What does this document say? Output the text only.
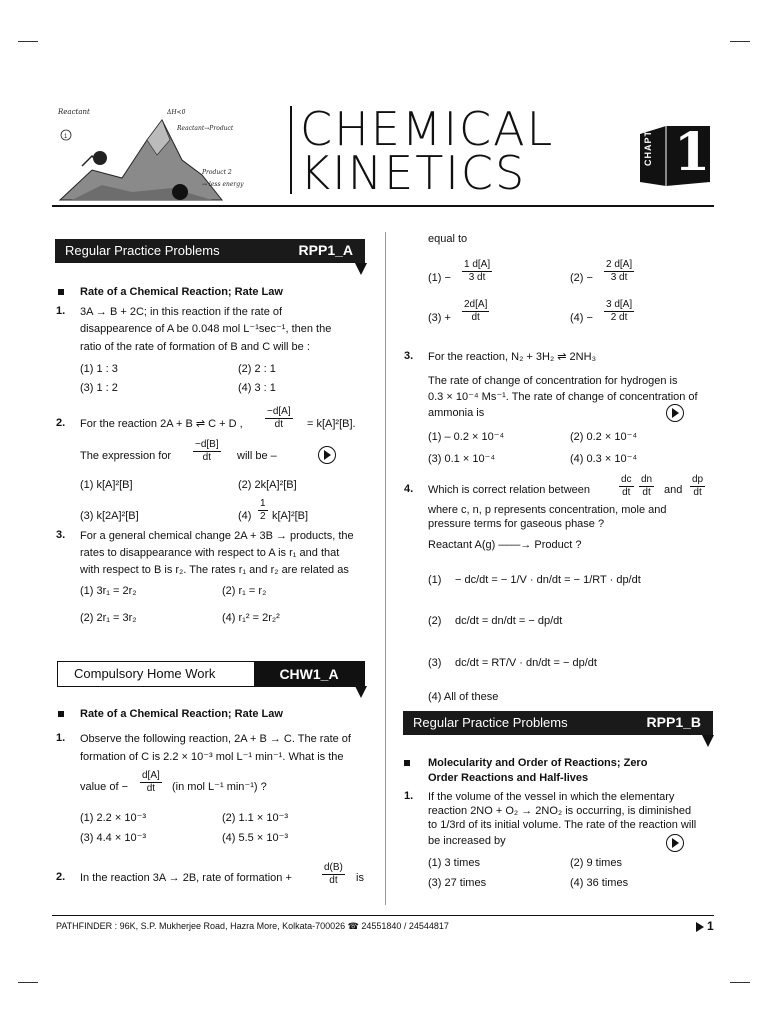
Reactant
1
ΔH<0
Reactant→Product
Product 2
→ less energy
CHEMICAL
KINETICS
CHAPTER 1
Regular Practice Problems	RPP1_A
Rate of a Chemical Reaction; Rate Law
1. 3A → B + 2C; in this reaction if the rate of
disappearence of A be 0.048 mol L⁻¹sec⁻¹, then the
ratio of the rate of formation of B and C will be :
(1) 1 : 3	(2) 2 : 1
(3) 1 : 2	(4) 3 : 1
2. For the reaction 2A + B ⇌ C + D , $\frac{-d[A]}{dt} = k[A]^2[B]$.
The expression for $\frac{-d[B]}{dt}$ will be –
(1) k[A]²[B]	(2) 2k[A]²[B]
(3) k[2A]²[B]	$(4) \frac{1}{2} k[A]^2[B]$
3. For a general chemical change 2A + 3B → products, the
rates to disappearance with respect to A is r₁ and that
with respect to B is r₂. The rates r₁ and r₂ are related as
(1) 3r₁ = 2r₂	(2) r₁ = r₂
(2) 2r₁ = 3r₂	(4) r₁² = 2r₂²
Compulsory Home Work	CHW1_A
Rate of a Chemical Reaction; Rate Law
1. Observe the following reaction, 2A + B → C. The rate of
formation of C is 2.2 × 10⁻³ mol L⁻¹ min⁻¹. What is the
value of − $\frac{d[A]}{dt} (in$ mol L⁻¹ min⁻¹) ?
(1) 2.2 × 10⁻³	(2) 1.1 × 10⁻³
(3) 4.4 × 10⁻³	(4) 5.5 × 10⁻³
2. In the reaction 3A → 2B, rate of formation +	$\frac{d(B)}{dt}$ is
equal to
$(1) - \frac{1 d[A]}{3 dt}$	$(2) - \frac{2 d[A]}{3 dt}$
$(3) + \frac{2d[A]}{dt}$	$(4) - \frac{3 d[A]}{2 dt}$
3. For the reaction, N₂ + 3H₂ ⇌ 2NH₃
The rate of change of concentration for hydrogen is
0.3 × 10⁻⁴ Ms⁻¹. The rate of change of concentration of
ammonia is
(1) – 0.2 × 10⁻⁴	(2) 0.2 × 10⁻⁴
(3) 0.1 × 10⁻⁴	(4) 0.3 × 10⁻⁴
4. Which is correct relation between	$\frac{dc}{dt} \frac{dn}{dt}$ and $\frac{dp}{dt}$
where c, n, p represents concentration, mole and
pressure terms for gaseous phase ?
Reactant A(g) ——→ Product ?
(1) − dc/dt = − 1/V · dn/dt = − 1/RT · dp/dt
(2) dc/dt = dn/dt = − dp/dt
(3) dc/dt = RT/V · dn/dt = − dp/dt
(4) All of these
Regular Practice Problems	RPP1_B
Molecularity and Order of Reactions; Zero
Order Reactions and Half-lives
1. If the volume of the vessel in which the elementary
reaction 2NO + O₂ → 2NO₂ is occurring, is diminished
to 1/3rd of its initial volume. The rate of the reaction will
be increased by
(1) 3 times	(2) 9 times
(3) 27 times	(4) 36 times
PATHFINDER : 96K, S.P. Mukherjee Road, Hazra More, Kolkata-700026 ☎ 24551840 / 24544817	1
